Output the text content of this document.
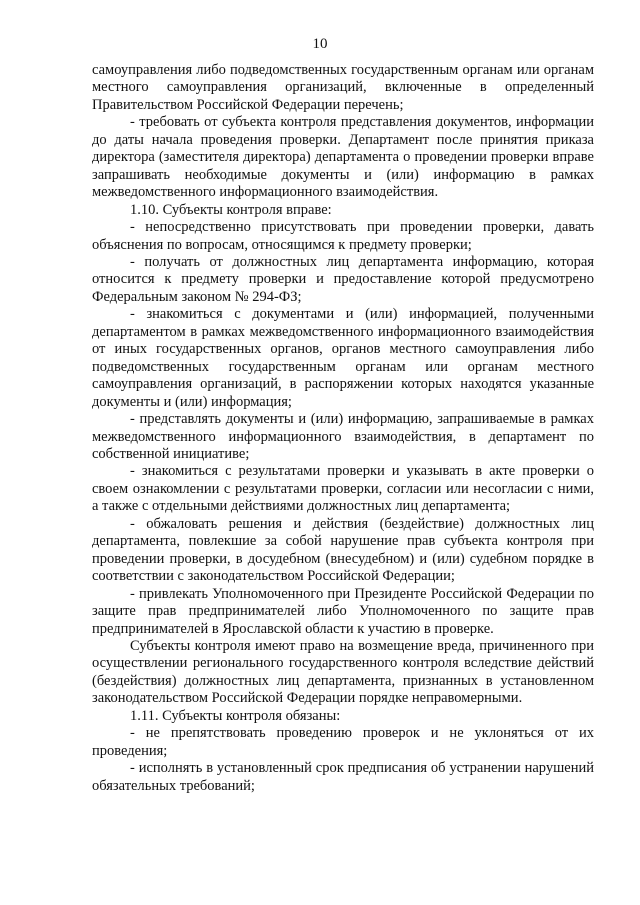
10

самоуправления либо подведомственных государственным органам или органам местного самоуправления организаций, включенные в определенный Правительством Российской Федерации перечень;

- требовать от субъекта контроля представления документов, информации до даты начала проведения проверки. Департамент после принятия приказа директора (заместителя директора) департамента о проведении проверки вправе запрашивать необходимые документы и (или) информацию в рамках межведомственного информационного взаимодействия.

1.10. Субъекты контроля вправе:

- непосредственно присутствовать при проведении проверки, давать объяснения по вопросам, относящимся к предмету проверки;

- получать от должностных лиц департамента информацию, которая относится к предмету проверки и предоставление которой предусмотрено Федеральным законом № 294-ФЗ;

- знакомиться с документами и (или) информацией, полученными департаментом в рамках межведомственного информационного взаимодействия от иных государственных органов, органов местного самоуправления либо подведомственных государственным органам или органам местного самоуправления организаций, в распоряжении которых находятся указанные документы и (или) информация;

- представлять документы и (или) информацию, запрашиваемые в рамках межведомственного информационного взаимодействия, в департамент по собственной инициативе;

- знакомиться с результатами проверки и указывать в акте проверки о своем ознакомлении с результатами проверки, согласии или несогласии с ними, а также с отдельными действиями должностных лиц департамента;

- обжаловать решения и действия (бездействие) должностных лиц департамента, повлекшие за собой нарушение прав субъекта контроля при проведении проверки, в досудебном (внесудебном) и (или) судебном порядке в соответствии с законодательством Российской Федерации;

- привлекать Уполномоченного при Президенте Российской Федерации по защите прав предпринимателей либо Уполномоченного по защите прав предпринимателей в Ярославской области к участию в проверке.

Субъекты контроля имеют право на возмещение вреда, причиненного при осуществлении регионального государственного контроля вследствие действий (бездействия) должностных лиц департамента, признанных в установленном законодательством Российской Федерации порядке неправомерными.

1.11. Субъекты контроля обязаны:

- не препятствовать проведению проверок и не уклоняться от их проведения;

- исполнять в установленный срок предписания об устранении нарушений обязательных требований;
